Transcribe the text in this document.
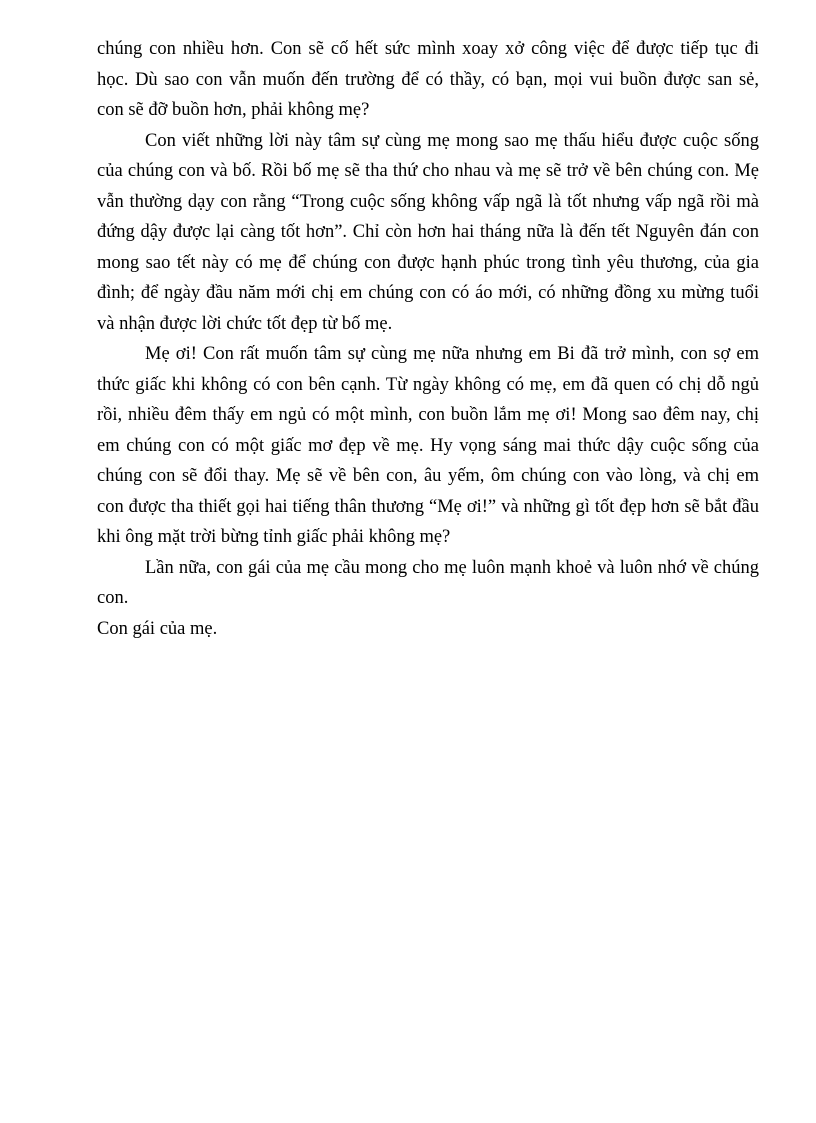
chúng con nhiều hơn. Con sẽ cố hết sức mình xoay xở công việc để được tiếp tục đi
học. Dù sao con vẫn muốn đến trường để có thầy, có bạn, mọi vui buồn được san sẻ,
con sẽ đỡ buồn hơn, phải không mẹ?
Con viết những lời này tâm sự cùng mẹ mong sao mẹ thấu hiểu được cuộc sống
của chúng con và bố. Rồi bố mẹ sẽ tha thứ cho nhau và mẹ sẽ trở về bên chúng con. Mẹ
vẫn thường dạy con rằng “Trong cuộc sống không vấp ngã là tốt nhưng vấp ngã rồi mà
đứng dậy được lại càng tốt hơn”. Chỉ còn hơn hai tháng nữa là đến tết Nguyên đán con
mong sao tết này có mẹ để chúng con được hạnh phúc trong tình yêu thương, của gia
đình; để ngày đầu năm mới chị em chúng con có áo mới, có những đồng xu mừng tuổi
và nhận được lời chức tốt đẹp từ bố mẹ.
Mẹ ơi! Con rất muốn tâm sự cùng mẹ nữa nhưng em Bi đã trở mình, con sợ em
thức giấc khi không có con bên cạnh. Từ ngày không có mẹ, em đã quen có chị dỗ ngủ
rồi, nhiều đêm thấy em ngủ có một mình, con buồn lắm mẹ ơi! Mong sao đêm nay, chị
em chúng con có một giấc mơ đẹp về mẹ. Hy vọng sáng mai thức dậy cuộc sống của
chúng con sẽ đổi thay. Mẹ sẽ về bên con, âu yếm, ôm chúng con vào lòng, và chị em
con được tha thiết gọi hai tiếng thân thương “Mẹ ơi!” và những gì tốt đẹp hơn sẽ bắt đầu
khi ông mặt trời bừng tỉnh giấc phải không mẹ?
Lần nữa, con gái của mẹ cầu mong cho mẹ luôn mạnh khoẻ và luôn nhớ về chúng
con.
Con gái của mẹ.
